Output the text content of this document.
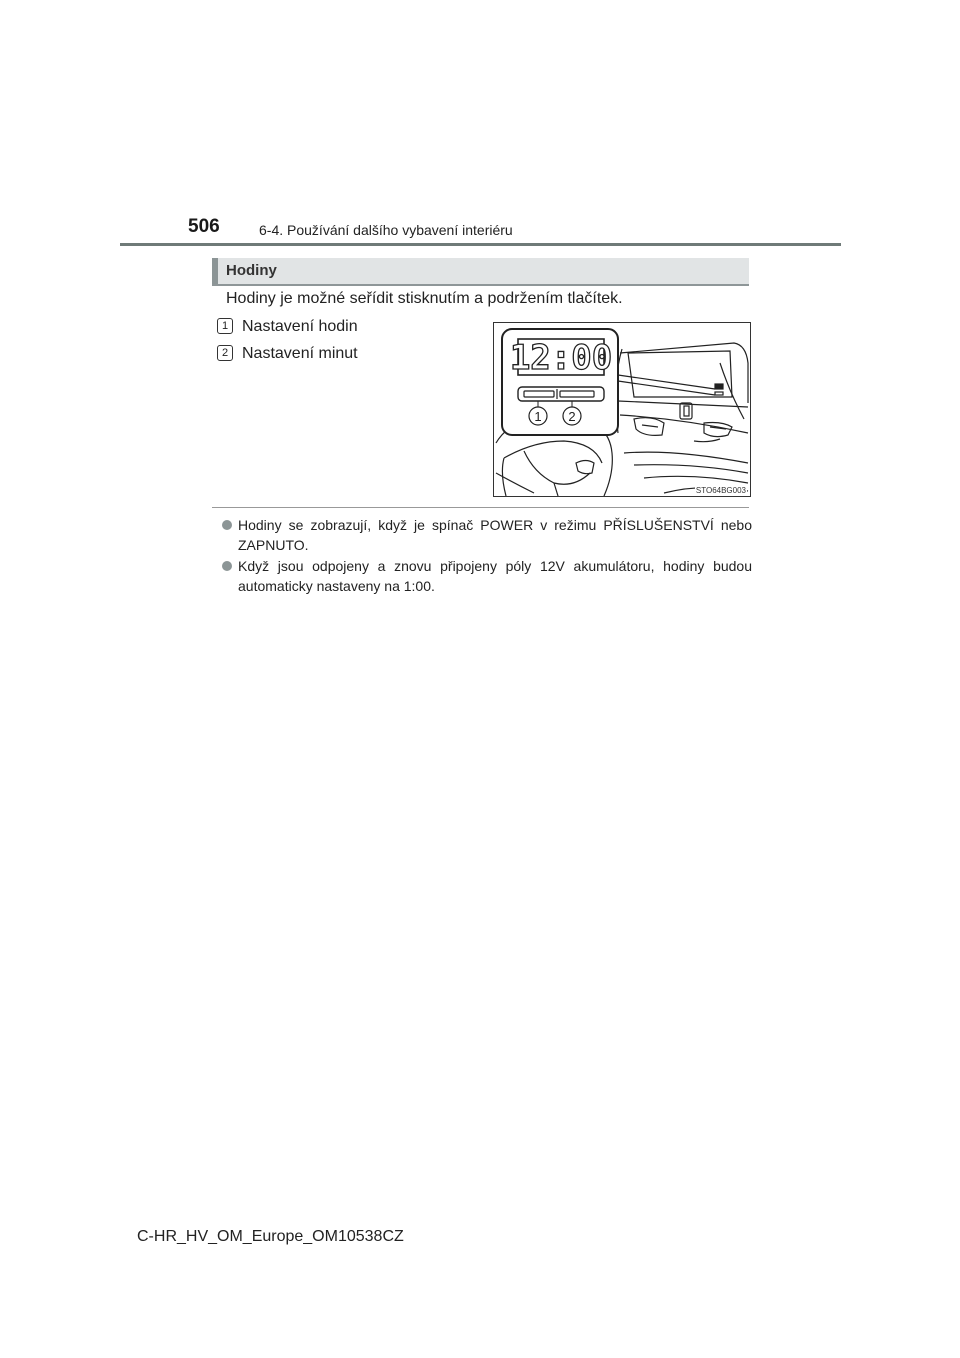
506	6-4. Používání dalšího vybavení interiéru
Hodiny
Hodiny je možné seřídit stisknutím a podržením tlačítek.
1 Nastavení hodin
2 Nastavení minut	12:00
1 2
STO64BG003
Hodiny se zobrazují, když je spínač POWER v režimu PŘÍSLUŠENSTVÍ nebo ZAPNUTO.
Když jsou odpojeny a znovu připojeny póly 12V akumulátoru, hodiny budou automaticky nastaveny na 1:00.
C-HR_HV_OM_Europe_OM10538CZ
